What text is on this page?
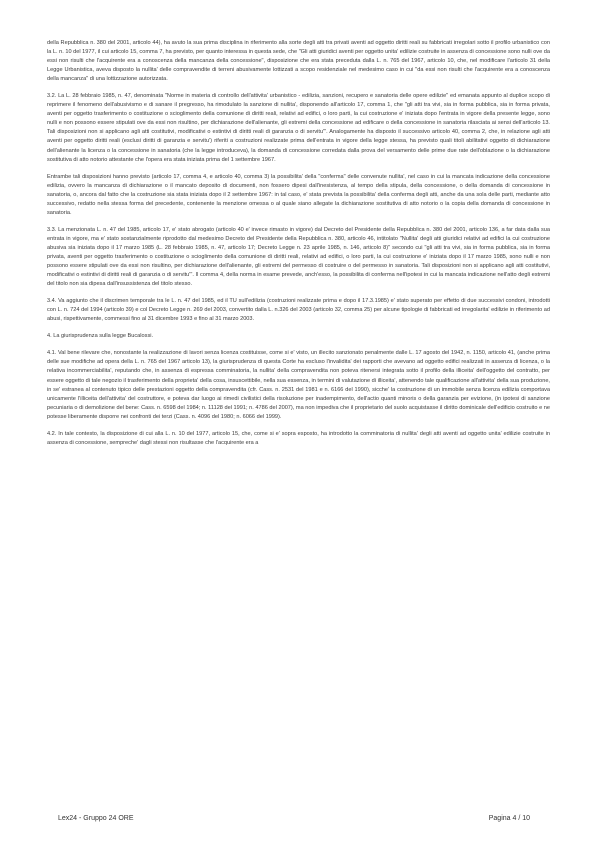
della Repubblica n. 380 del 2001, articolo 44), ha avuto la sua prima disciplina in riferimento alla sorte degli atti tra privati aventi ad oggetto diritti reali su fabbricati irregolari sotto il profilo urbanistico con la L. n. 10 del 1977, il cui articolo 15, comma 7, ha previsto, per quanto interessa in questa sede, che "Gli atti giuridici aventi per oggetto unita' edilizie costruite in assenza di concessione sono nulli ove da essi non risulti che l'acquirente era a conoscenza della mancanza della concessione", disposizione che era stata preceduta dalla L. n. 765 del 1967, articolo 10, che, nel modificare l'articolo 31 della Legge Urbanistica, aveva disposto la nullita' delle compravendite di terreni abusivamente lottizzati a scopo residenziale nel medesimo caso in cui "da essi non risulti che l'acquirente era a conoscenza della mancanza" di una lottizzazione autorizzata.

3.2. La L. 28 febbraio 1985, n. 47, denominata "Norme in materia di controllo dell'attivita' urbanistico - edilizia, sanzioni, recupero e sanatoria delle opere edilizie" ed emanata appunto al duplice scopo di reprimere il fenomeno dell'abusivismo e di sanare il pregresso, ha rimodulato la sanzione di nullita', disponendo all'articolo 17, comma 1, che "gli atti tra vivi, sia in forma pubblica, sia in forma privata, aventi per oggetto trasferimento o costituzione o scioglimento della comunione di diritti reali, relativi ad edifici, o loro parti, la cui costruzione e' iniziata dopo l'entrata in vigore della presente legge, sono nulli e non possono essere stipulati ove da essi non risultino, per dichiarazione dell'alienante, gli estremi della concessione ad edificare o della concessione in sanatoria rilasciata ai sensi dell'articolo 13. Tali disposizioni non si applicano agli atti costitutivi, modificativi o estintivi di diritti reali di garanzia o di servitu'". Analogamente ha disposto il successivo articolo 40, comma 2, che, in relazione agli atti aventi per oggetto diritti reali (esclusi diritti di garanzia e servitu') riferiti a costruzioni realizzate prima dell'entrata in vigore della legge stessa, ha previsto quali titoli abilitativi oggetto di dichiarazione dell'alienante la licenza o la concessione in sanatoria (che la legge introduceva), la domanda di concessione corredata dalla prova del versamento delle prime due rate dell'oblazione o la dichiarazione sostitutiva di atto notorio attestante che l'opera era stata iniziata prima del 1 settembre 1967.

Entrambe tali disposizioni hanno previsto (articolo 17, comma 4, e articolo 40, comma 3) la possibilita' della "conferma" delle convenute nullita', nel caso in cui la mancata indicazione della concessione edilizia, ovvero la mancanza di dichiarazione o il mancato deposito di documenti, non fossero dipesi dall'inesistenza, al tempo della stipula, della concessione, o della domanda di concessione in sanatoria, o, ancora dal fatto che la costruzione sia stata iniziata dopo il 2 settembre 1967: in tal caso, e' stata prevista la possibilita' della conferma degli atti, anche da una sola delle parti, mediante atto successivo, redatto nella stessa forma del precedente, contenente la menzione omessa o al quale siano allegate la dichiarazione sostitutiva di atto notorio o la copia della domanda di concessione in sanatoria.

3.3. La menzionata L. n. 47 del 1985, articolo 17, e' stato abrogato (articolo 40 e' invece rimasto in vigore) dal Decreto del Presidente della Repubblica n. 380 del 2001, articolo 136, a far data dalla sua entrata in vigore, ma e' stato sostanzialmente riprodotto dal medesimo Decreto del Presidente della Repubblica n. 380, articolo 46, intitolato "Nullita' degli atti giuridici relativi ad edifici la cui costruzione abusiva sia iniziata dopo il 17 marzo 1985 (L. 28 febbraio 1985, n. 47, articolo 17; Decreto Legge n. 23 aprile 1985, n. 146, articolo 8)" secondo cui "gli atti tra vivi, sia in forma pubblica, sia in forma privata, aventi per oggetto trasferimento o costituzione o scioglimento della comunione di diritti reali, relativi ad edifici, o loro parti, la cui costruzione e' iniziata dopo il 17 marzo 1985, sono nulli e non possono essere stipulati ove da essi non risultino, per dichiarazione dell'alienante, gli estremi del permesso di costruire o del permesso in sanatoria. Tali disposizioni non si applicano agli atti costitutivi, modificativi o estintivi di diritti reali di garanzia o di servitu'". Il comma 4, della norma in esame prevede, anch'esso, la possibilita di conferma nell'ipotesi in cui la mancata indicazione nell'atto degli estremi del titolo non sia dipesa dall'insussistenza del titolo stesso.

3.4. Va aggiunto che il discrimen temporale tra le L. n. 47 del 1985, ed il TU sull'edilizia (costruzioni realizzate prima e dopo il 17.3.1985) e' stato superato per effetto di due successivi condoni, introdotti con L. n. 724 del 1994 (articolo 39) e col Decreto Legge n. 269 del 2003, convertito dalla L. n.326 del 2003 (articolo 32, comma 25) per alcune tipologie di fabbricati ed irregolarita' edilizie in riferimento ad abusi, rispettivamente, commessi fino al 31 dicembre 1993 e fino al 31 marzo 2003.

4. La giurisprudenza sulla legge Bucalossi.

4.1. Val bene rilevare che, nonostante la realizzazione di lavori senza licenza costituisse, come si e' visto, un illecito sanzionato penalmente dalle L. 17 agosto del 1942, n. 1150, articolo 41, (anche prima delle sue modifiche ad opera della L. n. 765 del 1967 articolo 13), la giurisprudenza di questa Corte ha escluso l'invalidita' dei rapporti che avevano ad oggetto edifici realizzati in assenza di licenza, o la relativa incommerciabilita', reputando che, in assenza di espressa comminatoria, la nullita' della compravendita non poteva ritenersi integrata sotto il profilo della illiceita' dell'oggetto del contratto, per essere oggetto di tale negozio il trasferimento della proprieta' della cosa, insuscettibile, nella sua essenza, in termini di valutazione di illiceita', attenendo tale qualificazione all'attivita' della sua produzione, in se' estranea al contenuto tipico delle prestazioni oggetto della compravendita (cfr. Cass. n. 2531 del 1981 e n. 6166 del 1990), sicche' la costruzione di un immobile senza licenza edilizia comportava unicamente l'illiceita dell'attivita' del costruttore, e poteva dar luogo ai rimedi civilistici della risoluzione per inadempimento, dell'actio quanti minoris o della garanzia per evizione, (in ipotesi di sanzione pecuniaria o di demolizione del bene: Cass. n. 6598 del 1984; n. 11128 del 1991; n. 4786 del 2007), ma non impediva che il proprietario del suolo acquistasse il diritto dominicale dell'edificio costruito e ne potesse liberamente disporre nei confronti dei terzi (Cass. n. 4096 del 1980; n. 6066 del 1999).

4.2. In tale contesto, la disposizione di cui alla L. n. 10 del 1977, articolo 15, che, come si e' sopra esposto, ha introdotto la comminatoria di nullita' degli atti aventi ad oggetto unita' edilizie costruite in assenza di concessione, sempreche' dagli stessi non risultasse che l'acquirente era a

Lex24 - Gruppo 24 ORE	Pagina 4 / 10
